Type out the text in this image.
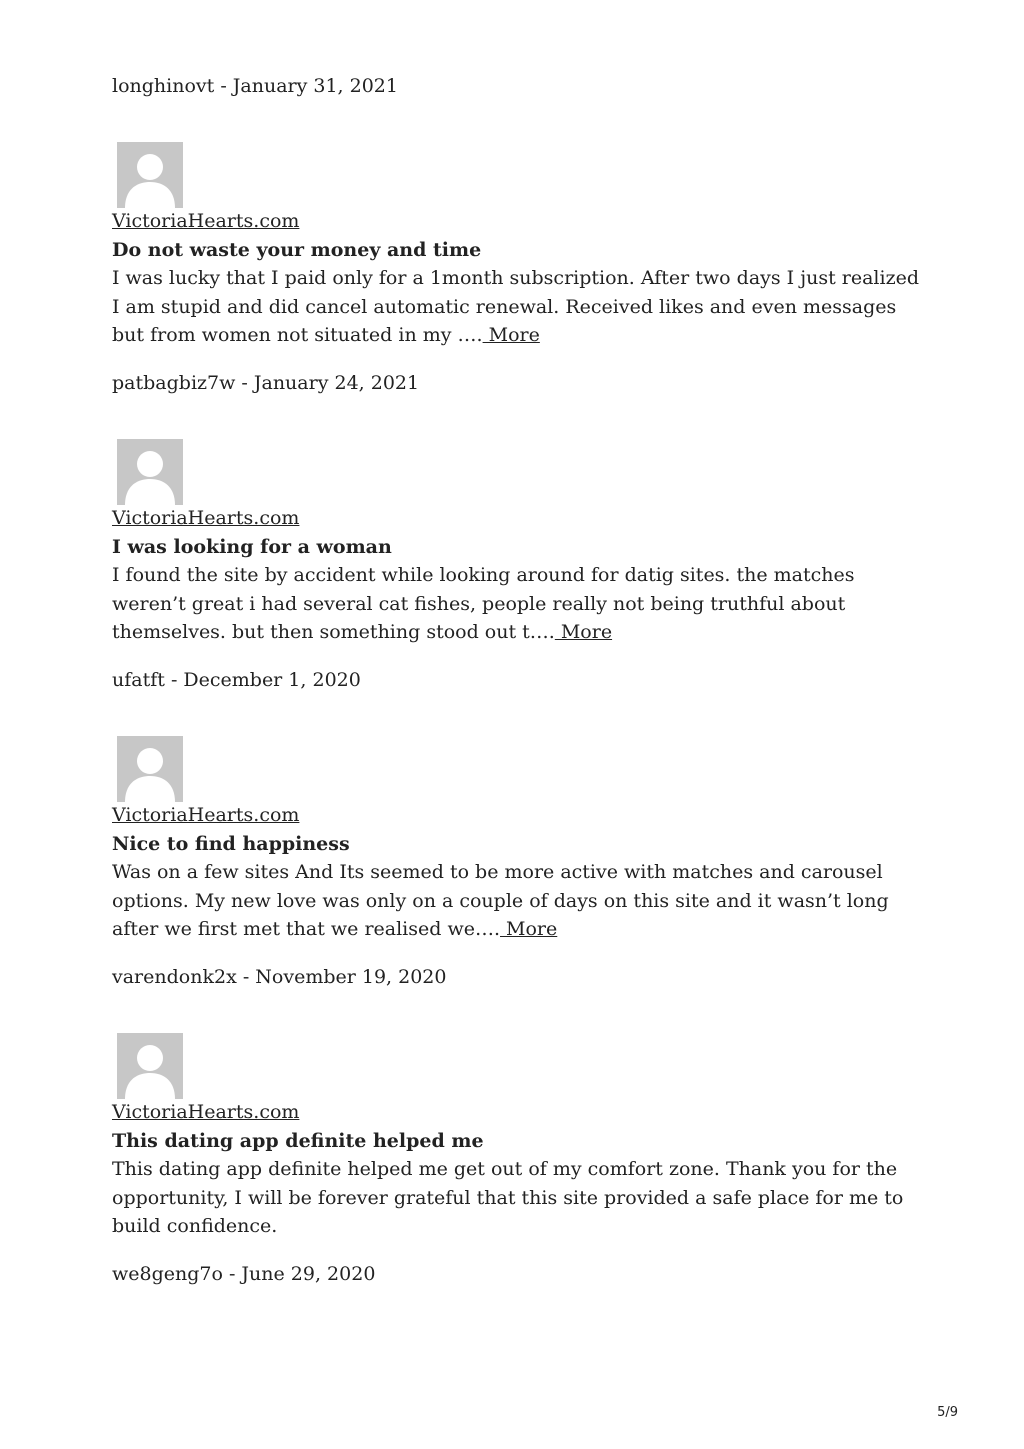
longhinovt - January 31, 2021
VictoriaHearts.com
Do not waste your money and time

I was lucky that I paid only for a 1month subscription. After two days I just realized I am stupid and did cancel automatic renewal. Received likes and even messages but from women not situated in my …. More

patbagbiz7w - January 24, 2021
VictoriaHearts.com
I was looking for a woman

I found the site by accident while looking around for datig sites. the matches weren’t great i had several cat fishes, people really not being truthful about themselves. but then something stood out t…. More

ufatft - December 1, 2020
VictoriaHearts.com
Nice to find happiness

Was on a few sites And Its seemed to be more active with matches and carousel options. My new love was only on a couple of days on this site and it wasn’t long after we first met that we realised we…. More

varendonk2x - November 19, 2020
VictoriaHearts.com
This dating app definite helped me

This dating app definite helped me get out of my comfort zone. Thank you for the opportunity, I will be forever grateful that this site provided a safe place for me to build confidence.

we8geng7o - June 29, 2020
5/9
